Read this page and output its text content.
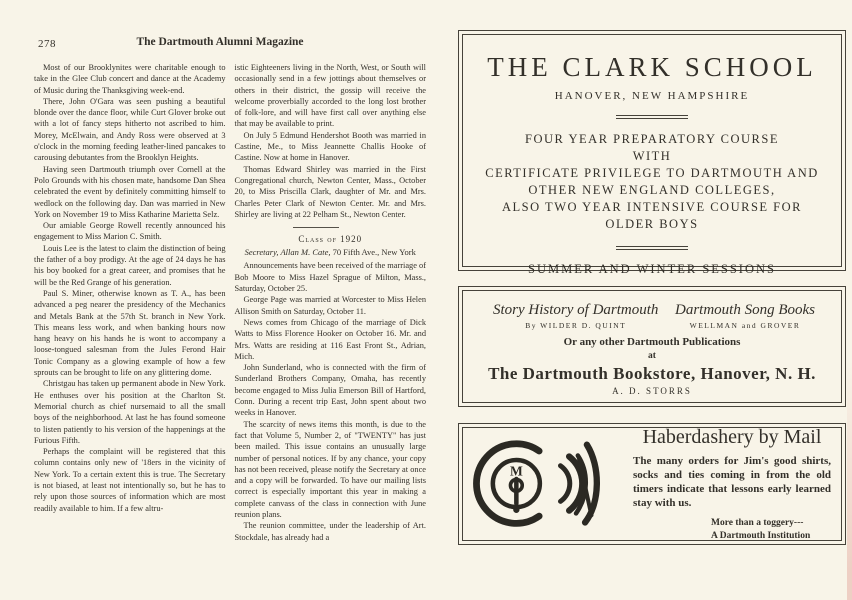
278	The Dartmouth Alumni Magazine

Most of our Brooklynites were charitable enough to take in the Glee Club concert and dance at the Academy of Music during the Thanksgiving week-end.

There, John O'Gara was seen pushing a beautiful blonde over the dance floor, while Curt Glover broke out with a lot of fancy steps hitherto not ascribed to him. Morey, McElwain, and Andy Ross were observed at 3 o'clock in the morning feeding leather-lined pancakes to carousing debutantes from the Brooklyn Heights.

Having seen Dartmouth triumph over Cornell at the Polo Grounds with his chosen mate, handsome Dan Shea celebrated the event by definitely committing himself to wedlock on the following day. Dan was married in New York on November 19 to Miss Katharine Marietta Selz.

Our amiable George Rowell recently announced his engagement to Miss Marion C. Smith.

Louis Lee is the latest to claim the distinction of being the father of a boy prodigy. At the age of 24 days he has his boy booked for a great career, and promises that he will be the Red Grange of his generation.

Paul S. Miner, otherwise known as T. A., has been advanced a peg nearer the presidency of the Mechanics and Metals Bank at the 57th St. branch in New York. This means less work, and when banking hours now hang heavy on his hands he is wont to accompany a loose-tongued salesman from the Jules Ferond Hair Tonic Company as a glowing example of how a few sprouts can be brought to life on any glittering dome.

Christgau has taken up permanent abode in New York. He enthuses over his position at the Charlton St. Memorial church as chief nursemaid to all the small boys of the neighborhood. At last he has found someone to listen patiently to his version of the happenings at the Furious Fifth.

Perhaps the complaint will be registered that this column contains only new of '18ers in the vicinity of New York. To a certain extent this is true. The Secretary is not biased, at least not intentionally so, but he has to rely upon those sources of information which are most readily available to him. If a few altru-

istic Eighteeners living in the North, West, or South will occasionally send in a few jottings about themselves or others in their district, the gossip will receive the welcome proverbially accorded to the long lost brother of folk-lore, and will have first call over anything else that may be available to print.

On July 5 Edmund Hendershot Booth was married in Castine, Me., to Miss Jeannette Challis Hooke of Castine. Now at home in Hanover.

Thomas Edward Shirley was married in the First Congregational church, Newton Center, Mass., October 20, to Miss Priscilla Clark, daughter of Mr. and Mrs. Charles Peter Clark of Newton Center. Mr. and Mrs. Shirley are living at 22 Pelham St., Newton Center.

Class of 1920
Secretary, Allan M. Cate, 70 Fifth Ave., New York

Announcements have been received of the marriage of Bob Moore to Miss Hazel Sprague of Milton, Mass., Saturday, October 25.

George Page was married at Worcester to Miss Helen Allison Smith on Saturday, October 11.

News comes from Chicago of the marriage of Dick Watts to Miss Florence Hooker on October 16. Mr. and Mrs. Watts are residing at 116 East Front St., Adrian, Mich.

John Sunderland, who is connected with the firm of Sunderland Brothers Company, Omaha, has recently become engaged to Miss Julia Emerson Bill of Hartford, Conn. During a recent trip East, John spent about two weeks in Hanover.

The scarcity of news items this month, is due to the fact that Volume 5, Number 2, of "TWENTY" has just been mailed. This issue contains an unusually large number of personal notices. If by any chance, your copy has not been received, please notify the Secretary at once and a copy will be forwarded. To have our mailing lists correct is especially important this year in making a complete canvass of the class in connection with June reunion plans.

The reunion committee, under the leadership of Art. Stockdale, has already had a

THE CLARK SCHOOL
HANOVER, NEW HAMPSHIRE
FOUR YEAR PREPARATORY COURSE
WITH
CERTIFICATE PRIVILEGE TO DARTMOUTH AND
OTHER NEW ENGLAND COLLEGES,
ALSO TWO YEAR INTENSIVE COURSE FOR
OLDER BOYS
SUMMER AND WINTER SESSIONS
Story History of Dartmouth
By WILDER D. QUINT
Dartmouth Song Books
WELLMAN and GROVER
Or any other Dartmouth Publications
at
The Dartmouth Bookstore, Hanover, N. H.
A. D. STORRS
M
Haberdashery by Mail
The many orders for Jim's good shirts, socks and ties coming in from the old timers indicate that lessons early learned stay with us.
More than a toggery---
A Dartmouth Institution
